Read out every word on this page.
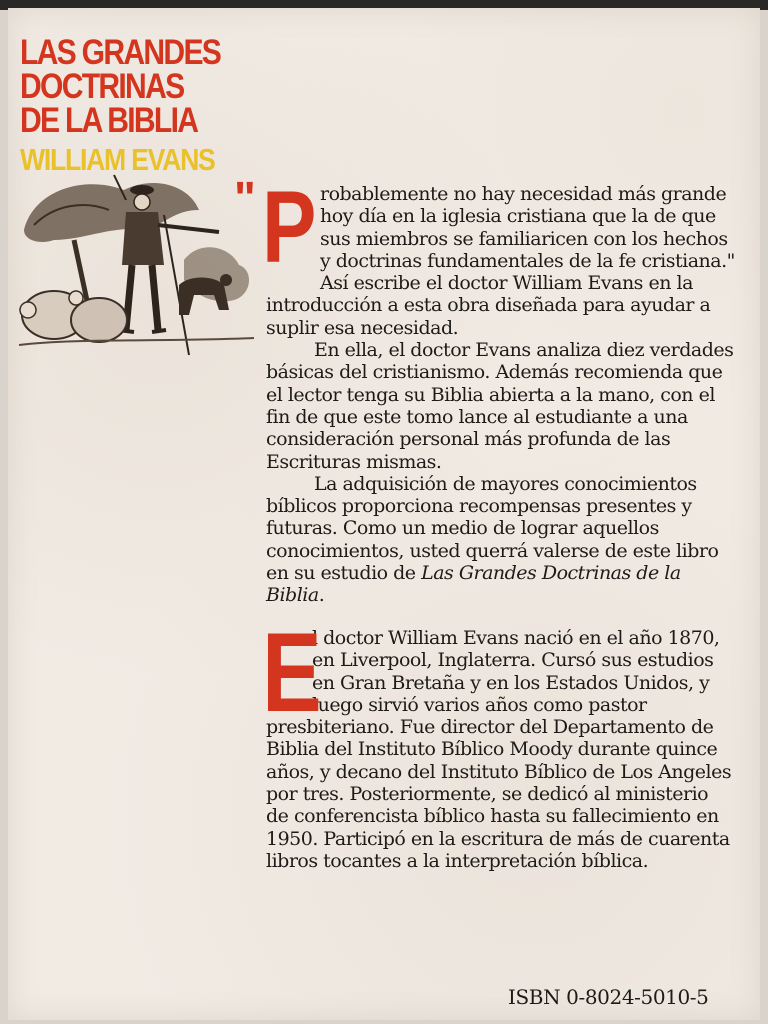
LAS GRANDES
DOCTRINAS
DE LA BIBLIA
WILLIAM EVANS
" P robablemente no hay necesidad más grande hoy día en la iglesia cristiana que la de que sus miembros se familiaricen con los hechos y doctrinas fundamentales de la fe cristiana." Así escribe el doctor William Evans en la introducción a esta obra diseñada para ayudar a suplir esa necesidad.

En ella, el doctor Evans analiza diez verdades básicas del cristianismo. Además recomienda que el lector tenga su Biblia abierta a la mano, con el fin de que este tomo lance al estudiante a una consideración personal más profunda de las Escrituras mismas.

La adquisición de mayores conocimientos bíblicos proporciona recompensas presentes y futuras. Como un medio de lograr aquellos conocimientos, usted querrá valerse de este libro en su estudio de Las Grandes Doctrinas de la Biblia.

E

l doctor William Evans nació en el año 1870, en Liverpool, Inglaterra. Cursó sus estudios en Gran Bretaña y en los Estados Unidos, y luego sirvió varios años como pastor presbiteriano. Fue director del Departamento de Biblia del Instituto Bíblico Moody durante quince años, y decano del Instituto Bíblico de Los Angeles por tres. Posteriormente, se dedicó al ministerio de conferencista bíblico hasta su fallecimiento en 1950. Participó en la escritura de más de cuarenta libros tocantes a la interpretación bíblica.

ISBN 0-8024-5010-5
